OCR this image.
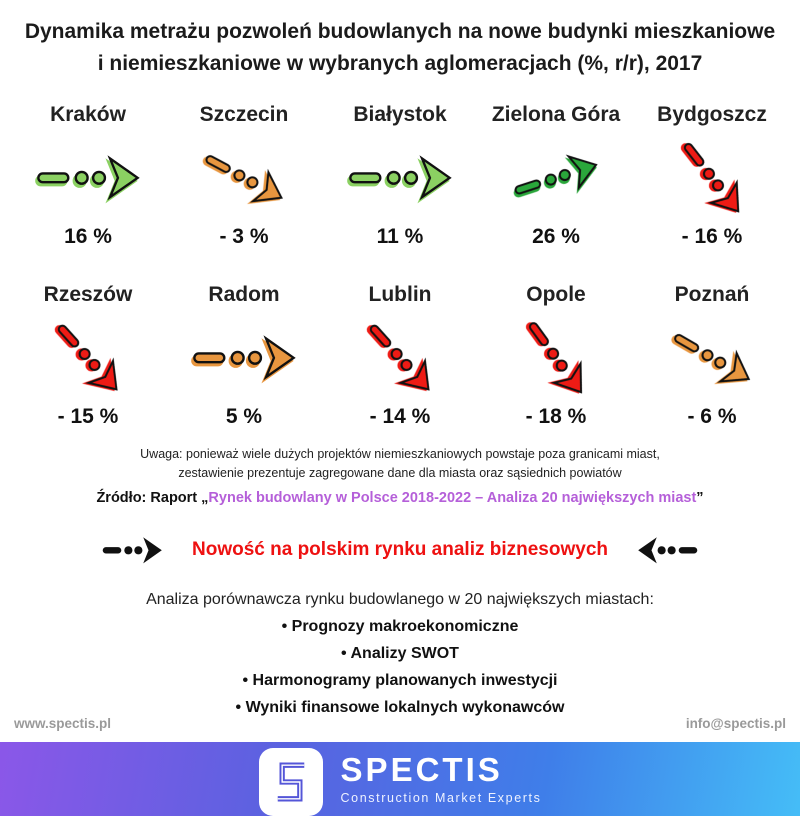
Dynamika metrażu pozwoleń budowlanych na nowe budynki mieszkaniowe
i niemieszkaniowe w wybranych aglomeracjach (%, r/r), 2017
Kraków
16 %
Szczecin
- 3 %
Białystok
11 %
Zielona Góra
26 %
Bydgoszcz
- 16 %
Rzeszów
- 15 %
Radom
5 %
Lublin
- 14 %
Opole
- 18 %
Poznań
- 6 %
Uwaga: ponieważ wiele dużych projektów niemieszkaniowych powstaje poza granicami miast,
zestawienie prezentuje zagregowane dane dla miasta oraz sąsiednich powiatów
Źródło: Raport „Rynek budowlany w Polsce 2018-2022 – Analiza 20 największych miast”
Nowość na polskim rynku analiz biznesowych
Analiza porównawcza rynku budowlanego w 20 największych miastach:
• Prognozy makroekonomiczne
• Analizy SWOT
• Harmonogramy planowanych inwestycji
• Wyniki finansowe lokalnych wykonawców
www.spectis.pl	info@spectis.pl
SPECTIS
Construction Market Experts
